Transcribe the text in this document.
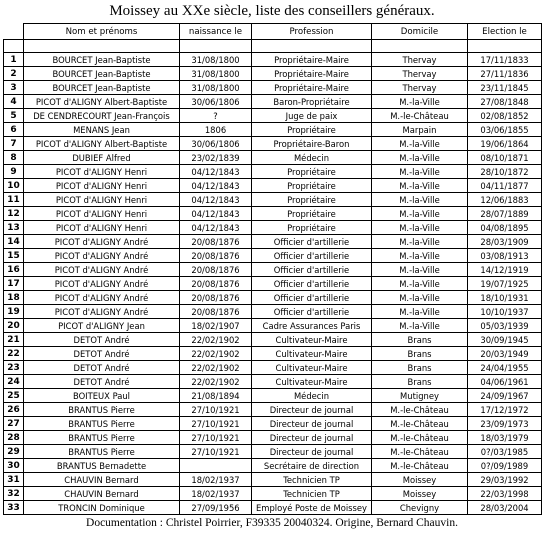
Moissey au XXe siècle, liste des conseillers généraux.
	Nom et prénoms	naissance le	Profession	Domicile	Election le

1	BOURCET Jean-Baptiste	31/08/1800	Propriétaire-Maire	Thervay	17/11/1833
2	BOURCET Jean-Baptiste	31/08/1800	Propriétaire-Maire	Thervay	27/11/1836
3	BOURCET Jean-Baptiste	31/08/1800	Propriétaire-Maire	Thervay	23/11/1845
4	PICOT d'ALIGNY Albert-Baptiste	30/06/1806	Baron-Propriétaire	M.-la-Ville	27/08/1848
5	DE CENDRECOURT Jean-François	?	Juge de paix	M.-le-Château	02/08/1852
6	MENANS Jean	1806	Propriétaire	Marpain	03/06/1855
7	PICOT d'ALIGNY Albert-Baptiste	30/06/1806	Propriétaire-Baron	M.-la-Ville	19/06/1864
8	DUBIEF Alfred	23/02/1839	Médecin	M.-la-Ville	08/10/1871
9	PICOT d'ALIGNY Henri	04/12/1843	Propriétaire	M.-la-Ville	28/10/1872
10	PICOT d'ALIGNY Henri	04/12/1843	Propriétaire	M.-la-Ville	04/11/1877
11	PICOT d'ALIGNY Henri	04/12/1843	Propriétaire	M.-la-Ville	12/06/1883
12	PICOT d'ALIGNY Henri	04/12/1843	Propriétaire	M.-la-Ville	28/07/1889
13	PICOT d'ALIGNY Henri	04/12/1843	Propriétaire	M.-la-Ville	04/08/1895
14	PICOT d'ALIGNY André	20/08/1876	Officier d'artillerie	M.-la-Ville	28/03/1909
15	PICOT d'ALIGNY André	20/08/1876	Officier d'artillerie	M.-la-Ville	03/08/1913
16	PICOT d'ALIGNY André	20/08/1876	Officier d'artillerie	M.-la-Ville	14/12/1919
17	PICOT d'ALIGNY André	20/08/1876	Officier d'artillerie	M.-la-Ville	19/07/1925
18	PICOT d'ALIGNY André	20/08/1876	Officier d'artillerie	M.-la-Ville	18/10/1931
19	PICOT d'ALIGNY André	20/08/1876	Officier d'artillerie	M.-la-Ville	10/10/1937
20	PICOT d'ALIGNY Jean	18/02/1907	Cadre Assurances Paris	M.-la-Ville	05/03/1939
21	DETOT André	22/02/1902	Cultivateur-Maire	Brans	30/09/1945
22	DETOT André	22/02/1902	Cultivateur-Maire	Brans	20/03/1949
23	DETOT André	22/02/1902	Cultivateur-Maire	Brans	24/04/1955
24	DETOT André	22/02/1902	Cultivateur-Maire	Brans	04/06/1961
25	BOITEUX Paul	21/08/1894	Médecin	Mutigney	24/09/1967
26	BRANTUS Pierre	27/10/1921	Directeur de journal	M.-le-Château	17/12/1972
27	BRANTUS Pierre	27/10/1921	Directeur de journal	M.-le-Château	23/09/1973
28	BRANTUS Pierre	27/10/1921	Directeur de journal	M.-le-Château	18/03/1979
29	BRANTUS Pierre	27/10/1921	Directeur de journal	M.-le-Château	0?/03/1985
30	BRANTUS Bernadette		Secrétaire de direction	M.-le-Château	0?/09/1989
31	CHAUVIN Bernard	18/02/1937	Technicien TP	Moissey	29/03/1992
32	CHAUVIN Bernard	18/02/1937	Technicien TP	Moissey	22/03/1998
33	TRONCIN Dominique	27/09/1956	Employé Poste de Moissey	Chevigny	28/03/2004
Documentation : Christel Poirrier, F39335 20040324. Origine, Bernard Chauvin.
